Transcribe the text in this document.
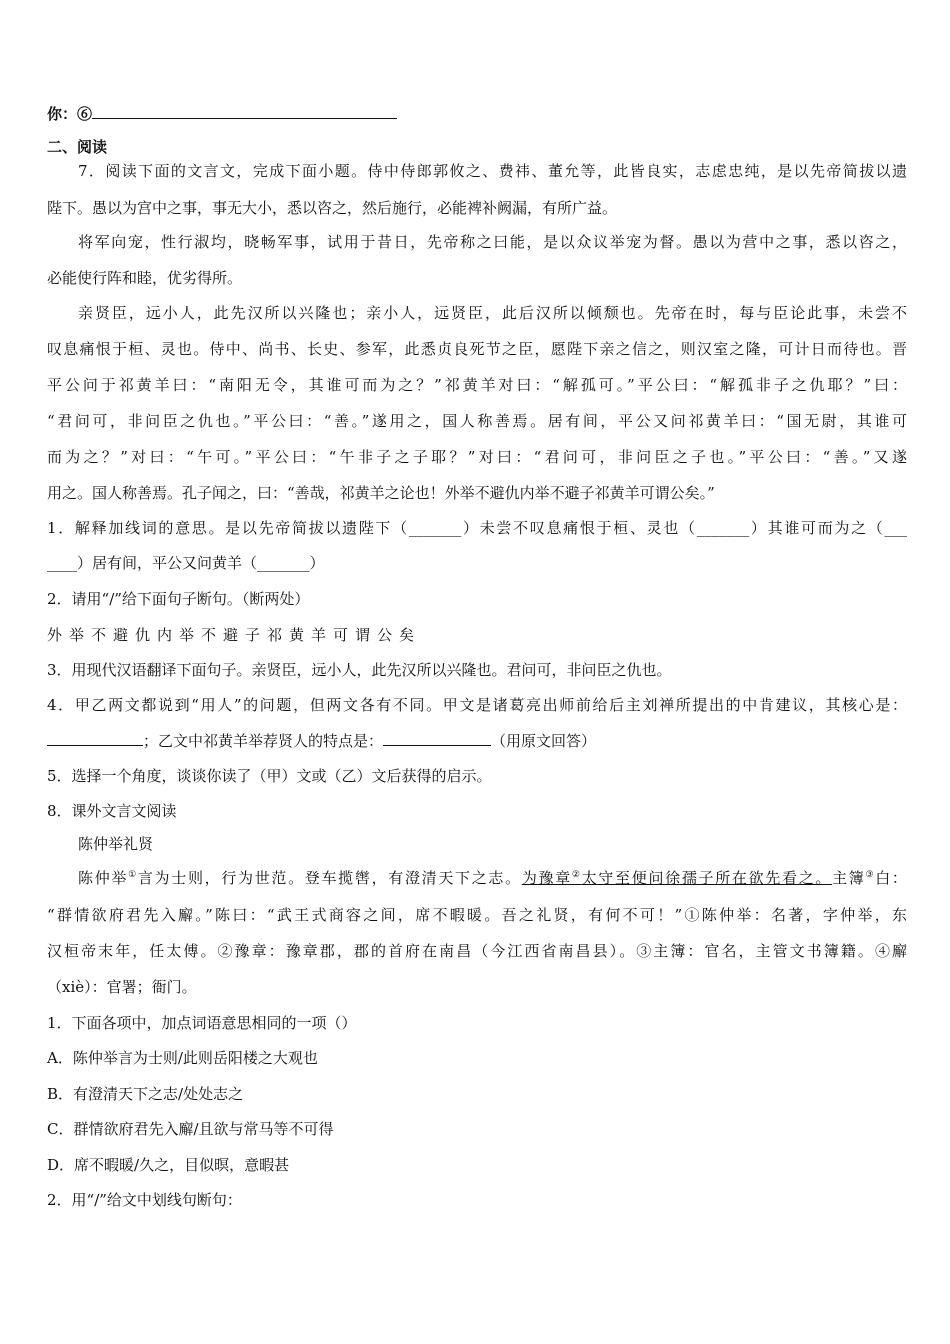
你：⑥
二、阅读
7．阅读下面的文言文，完成下面小题。侍中侍郎郭攸之、费祎、董允等，此皆良实，志虑忠纯，是以先帝简拔以遗
陛下。愚以为宫中之事，事无大小，悉以咨之，然后施行，必能裨补阙漏，有所广益。
将军向宠，性行淑均，晓畅军事，试用于昔日，先帝称之曰能，是以众议举宠为督。愚以为营中之事，悉以咨之，
必能使行阵和睦，优劣得所。
亲贤臣，远小人，此先汉所以兴隆也；亲小人，远贤臣，此后汉所以倾颓也。先帝在时，每与臣论此事，未尝不
叹息痛恨于桓、灵也。侍中、尚书、长史、参军，此悉贞良死节之臣，愿陛下亲之信之，则汉室之隆，可计日而待也。晋
平公问于祁黄羊曰：“南阳无令，其谁可而为之？”祁黄羊对曰：“解孤可。”平公曰：“解孤非子之仇耶？”曰：
“君问可，非问臣之仇也。”平公曰：“善。”遂用之，国人称善焉。居有间，平公又问祁黄羊曰：“国无尉，其谁可
而为之？”对曰：“午可。”平公曰：“午非子之子耶？”对曰：“君问可，非问臣之子也。”平公曰：“善。”又遂
用之。国人称善焉。孔子闻之，曰：“善哉，祁黄羊之论也！外举不避仇内举不避子祁黄羊可谓公矣。”
1．解释加线词的意思。是以先帝简拔以遗陛下（_______）未尝不叹息痛恨于桓、灵也（_______）其谁可而为之（___
____）居有间，平公又问黄羊（_______）
2．请用“/”给下面句子断句。（断两处）
外举不避仇内举不避子祁黄羊可谓公矣
3．用现代汉语翻译下面句子。亲贤臣，远小人，此先汉所以兴隆也。君问可，非问臣之仇也。
4．甲乙两文都说到“用人”的问题，但两文各有不同。甲文是诸葛亮出师前给后主刘禅所提出的中肯建议，其核心是：
；乙文中祁黄羊举荐贤人的特点是：	（用原文回答）
5．选择一个角度，谈谈你读了（甲）文或（乙）文后获得的启示。
8．课外文言文阅读
陈仲举礼贤
陈仲举①言为士则，行为世范。登车揽辔，有澄清天下之志。为豫章②太守至便问徐孺子所在欲先看之。主簿③白：
“群情欲府君先入廨。”陈曰：“武王式商容之间，席不暇暖。吾之礼贤，有何不可！”①陈仲举：名著，字仲举，东
汉桓帝末年，任太傅。②豫章：豫章郡，郡的首府在南昌（今江西省南昌县）。③主簿：官名，主管文书簿籍。④廨
（xiè）：官署；衙门。
1．下面各项中，加点词语意思相同的一项（）
A．陈仲举言为士则/此则岳阳楼之大观也
B．有澄清天下之志/处处志之
C．群情欲府君先入廨/且欲与常马等不可得
D．席不暇暖/久之，目似暝，意暇甚
2．用“/”给文中划线句断句：
